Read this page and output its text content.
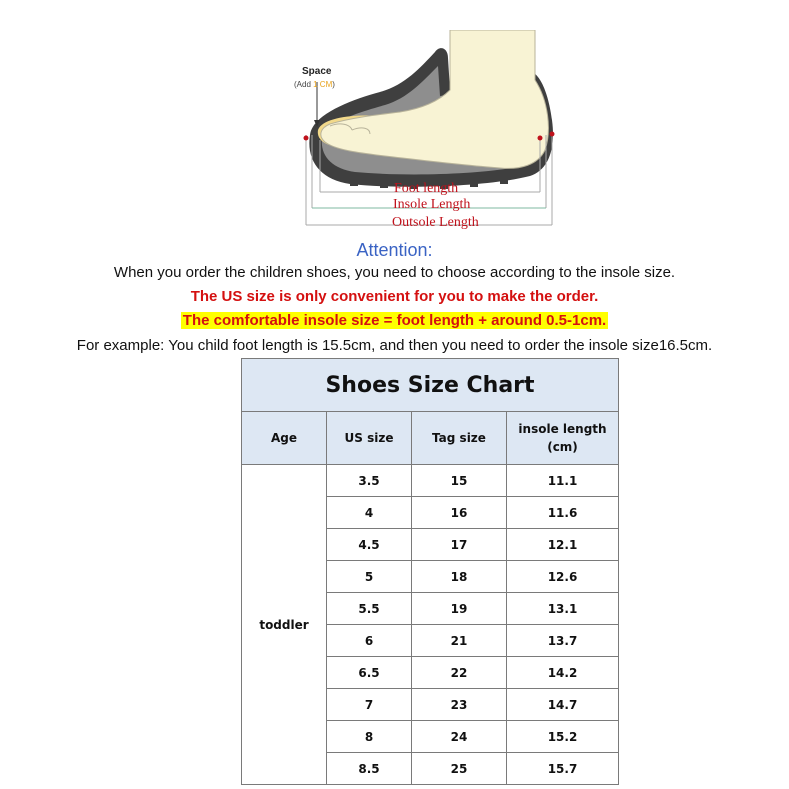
Space
(Add 1 CM)
Foot length
Insole Length
Outsole Length
Attention:
When you order the children shoes, you need to choose according to the insole size.
The US size is only convenient for you to make the order.
The comfortable insole size = foot length + around 0.5-1cm.
For example: You child foot length is 15.5cm, and then you need to order the insole size16.5cm.
Shoes Size Chart			
Age	US size	Tag size	insole length
(cm)
toddler	3.5	15	11.1
	4	16	11.6
	4.5	17	12.1
	5	18	12.6
	5.5	19	13.1
	6	21	13.7
	6.5	22	14.2
	7	23	14.7
	8	24	15.2
	8.5	25	15.7
